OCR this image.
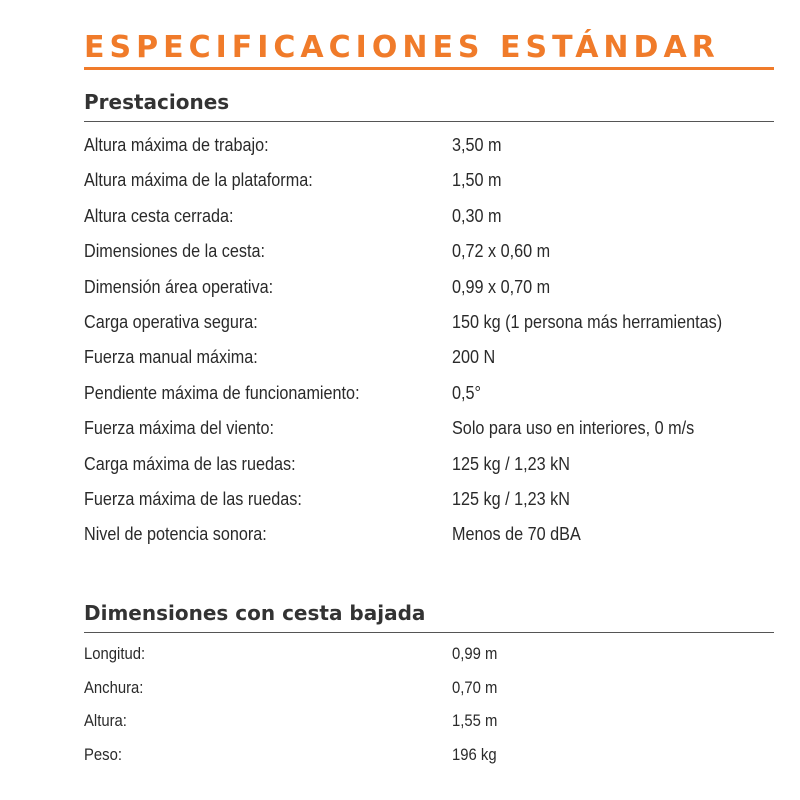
ESPECIFICACIONES ESTÁNDAR
Prestaciones
Altura máxima de trabajo:	3,50 m
Altura máxima de la plataforma:	1,50 m
Altura cesta cerrada:	0,30 m
Dimensiones de la cesta:	0,72 x 0,60 m
Dimensión área operativa:	0,99 x 0,70 m
Carga operativa segura:	150 kg (1 persona más herramientas)
Fuerza manual máxima:	200 N
Pendiente máxima de funcionamiento:	0,5°
Fuerza máxima del viento:	Solo para uso en interiores, 0 m/s
Carga máxima de las ruedas:	125 kg / 1,23 kN
Fuerza máxima de las ruedas:	125 kg / 1,23 kN
Nivel de potencia sonora:	Menos de 70 dBA
Dimensiones con cesta bajada
Longitud:	0,99 m
Anchura:	0,70 m
Altura:	1,55 m
Peso:	196 kg
